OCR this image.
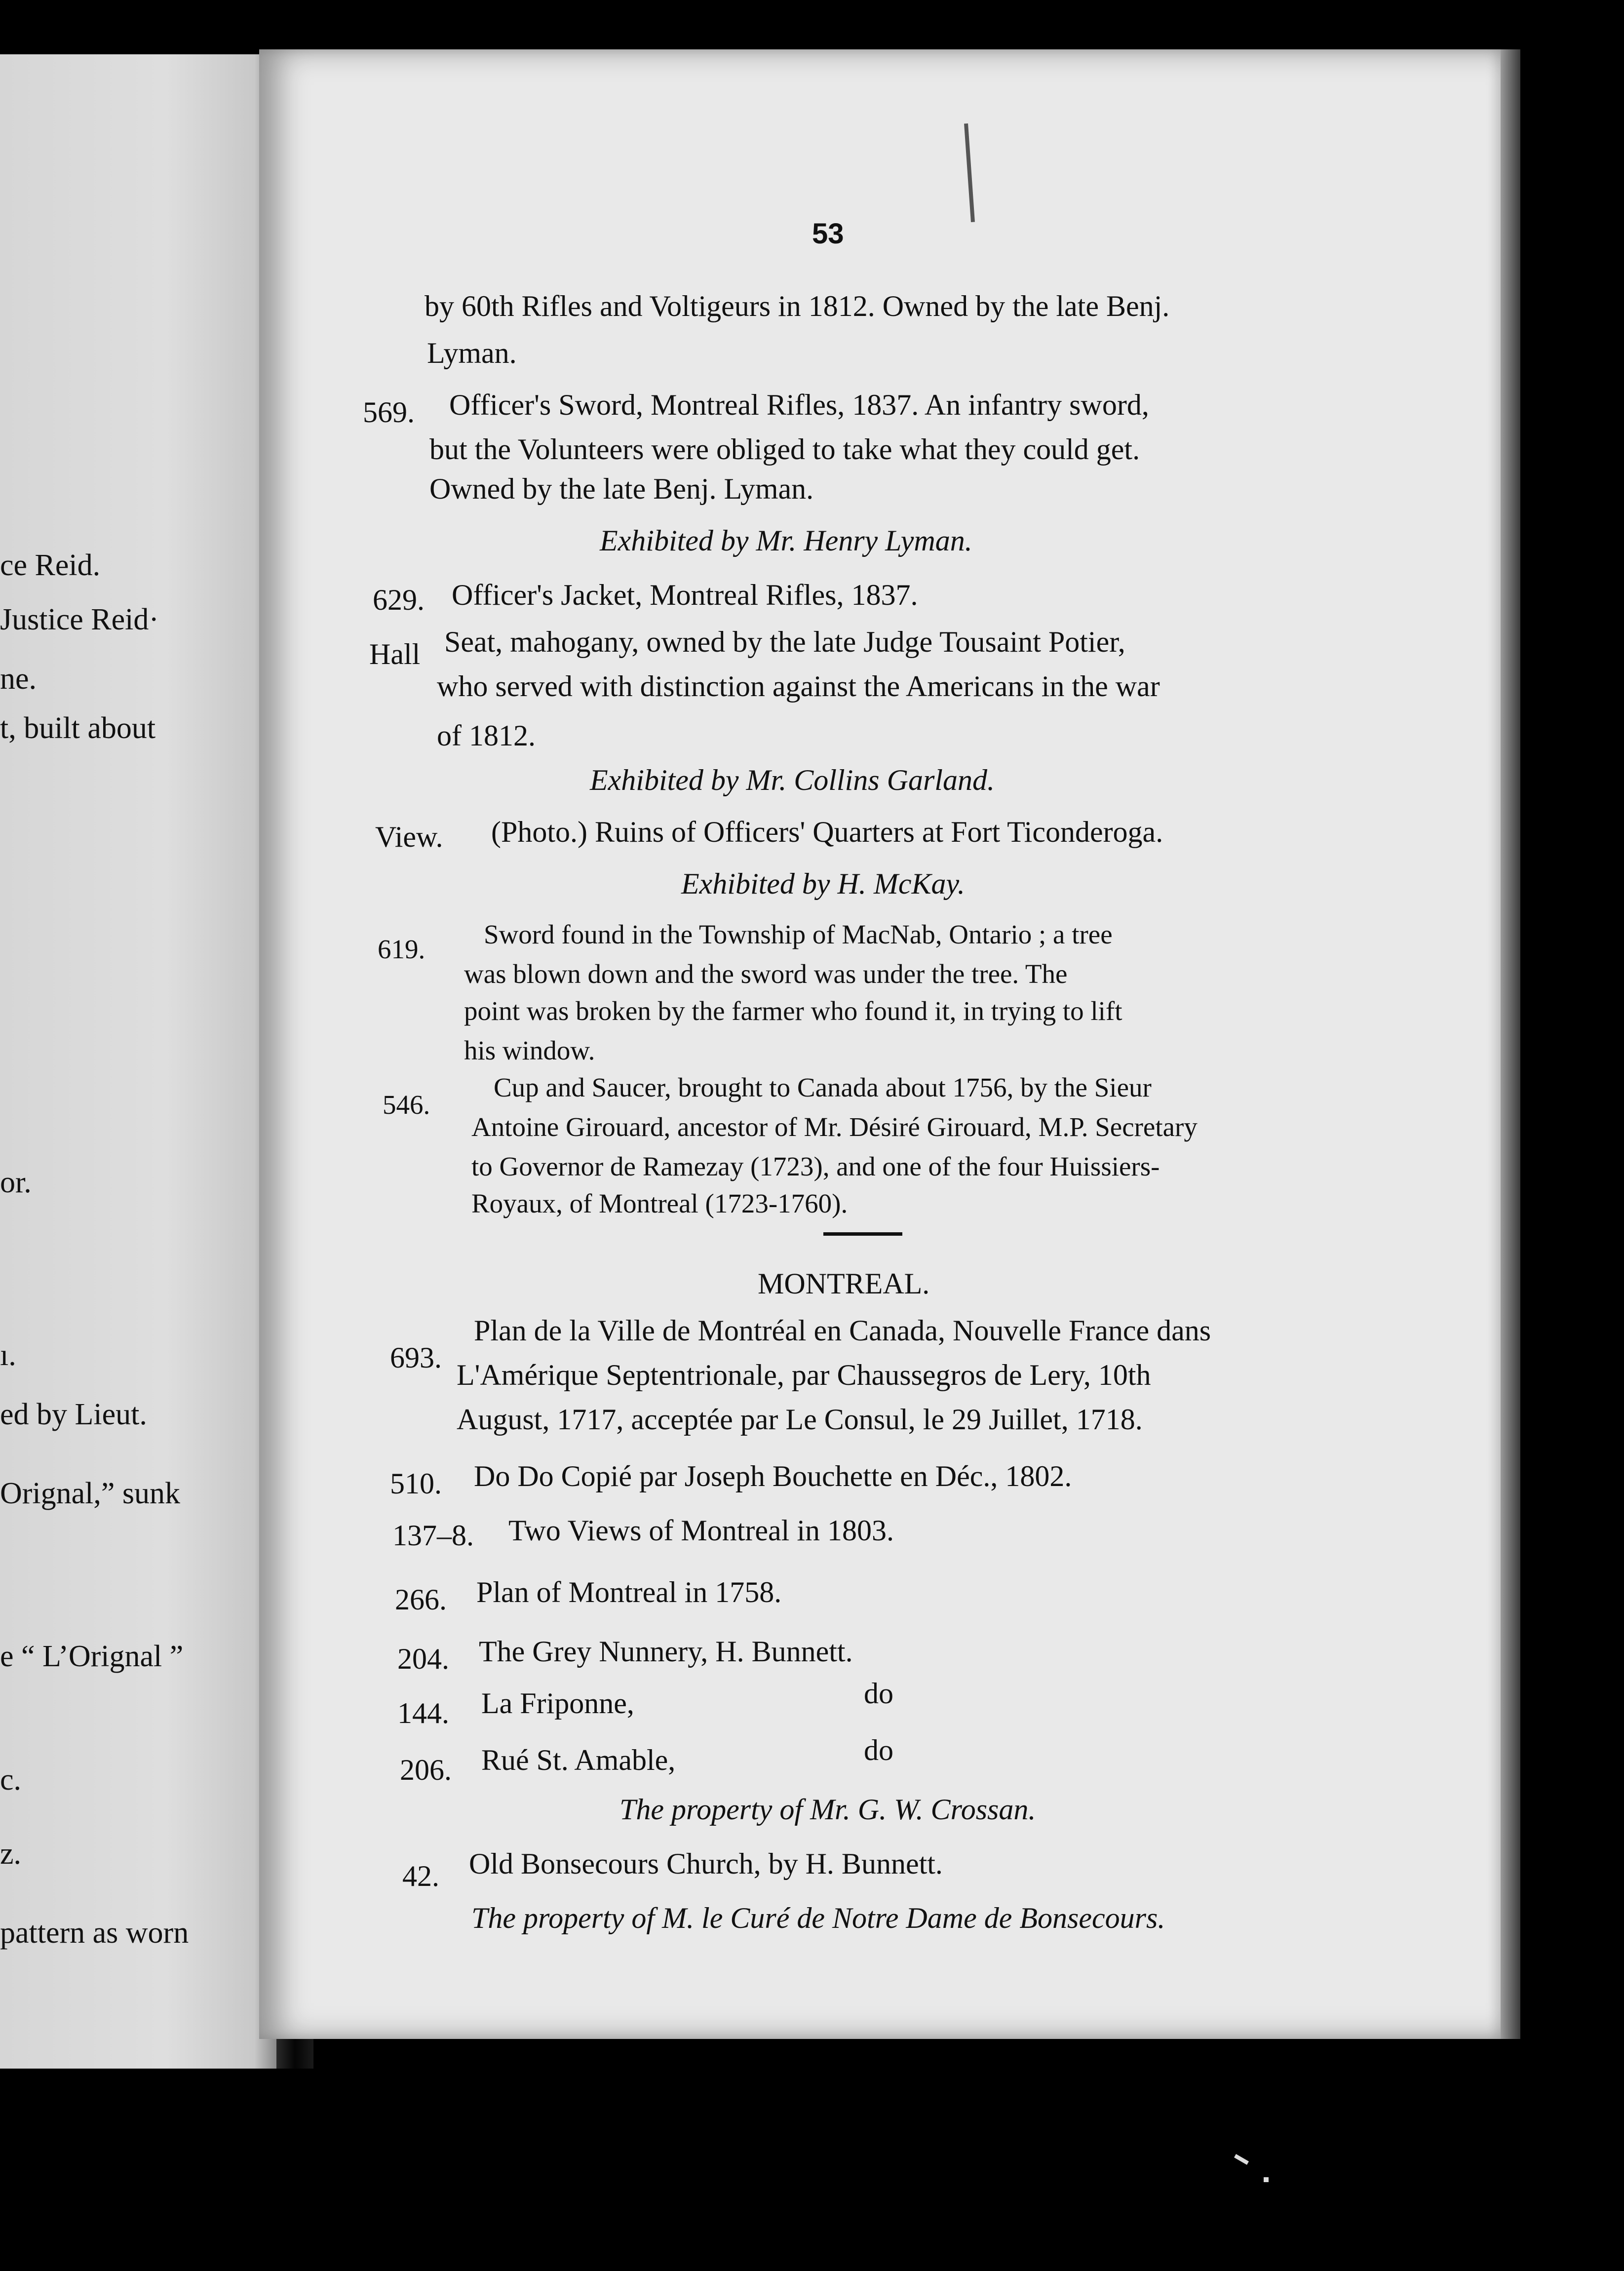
ce Reid.
Justice Reid·
ne.
t, built about
or.
ı.
ed by Lieut.
Orignal,” sunk
e “ L’Orignal ”
c.
z.
pattern as worn
53
by 60th Rifles and Voltigeurs in 1812. Owned by the late Benj.
Lyman.
569. Officer's Sword, Montreal Rifles, 1837. An infantry sword,
but the Volunteers were obliged to take what they could get.
Owned by the late Benj. Lyman.
Exhibited by Mr. Henry Lyman.
629. Officer's Jacket, Montreal Rifles, 1837.
Hall Seat, mahogany, owned by the late Judge Tousaint Potier,
who served with distinction against the Americans in the war
of 1812.
Exhibited by Mr. Collins Garland.
View. (Photo.) Ruins of Officers' Quarters at Fort Ticonderoga.
Exhibited by H. McKay.
619. Sword found in the Township of MacNab, Ontario ; a tree
was blown down and the sword was under the tree. The
point was broken by the farmer who found it, in trying to lift
his window.
546.
Cup and Saucer, brought to Canada about 1756, by the Sieur
Antoine Girouard, ancestor of Mr. Désiré Girouard, M.P. Secretary
to Governor de Ramezay (1723), and one of the four Huissiers-
Royaux, of Montreal (1723-1760).
MONTREAL.
693.
Plan de la Ville de Montréal en Canada, Nouvelle France dans
L'Amérique Septentrionale, par Chaussegros de Lery, 10th
August, 1717, acceptée par Le Consul, le 29 Juillet, 1718.
510. Do Do Copié par Joseph Bouchette en Déc., 1802.
137–8. Two Views of Montreal in 1803.
266. Plan of Montreal in 1758.
204. The Grey Nunnery, H. Bunnett.
144. La Friponne,	do
206. Rué St. Amable,	do
The property of Mr. G. W. Crossan.
42. Old Bonsecours Church, by H. Bunnett.
The property of M. le Curé de Notre Dame de Bonsecours.
